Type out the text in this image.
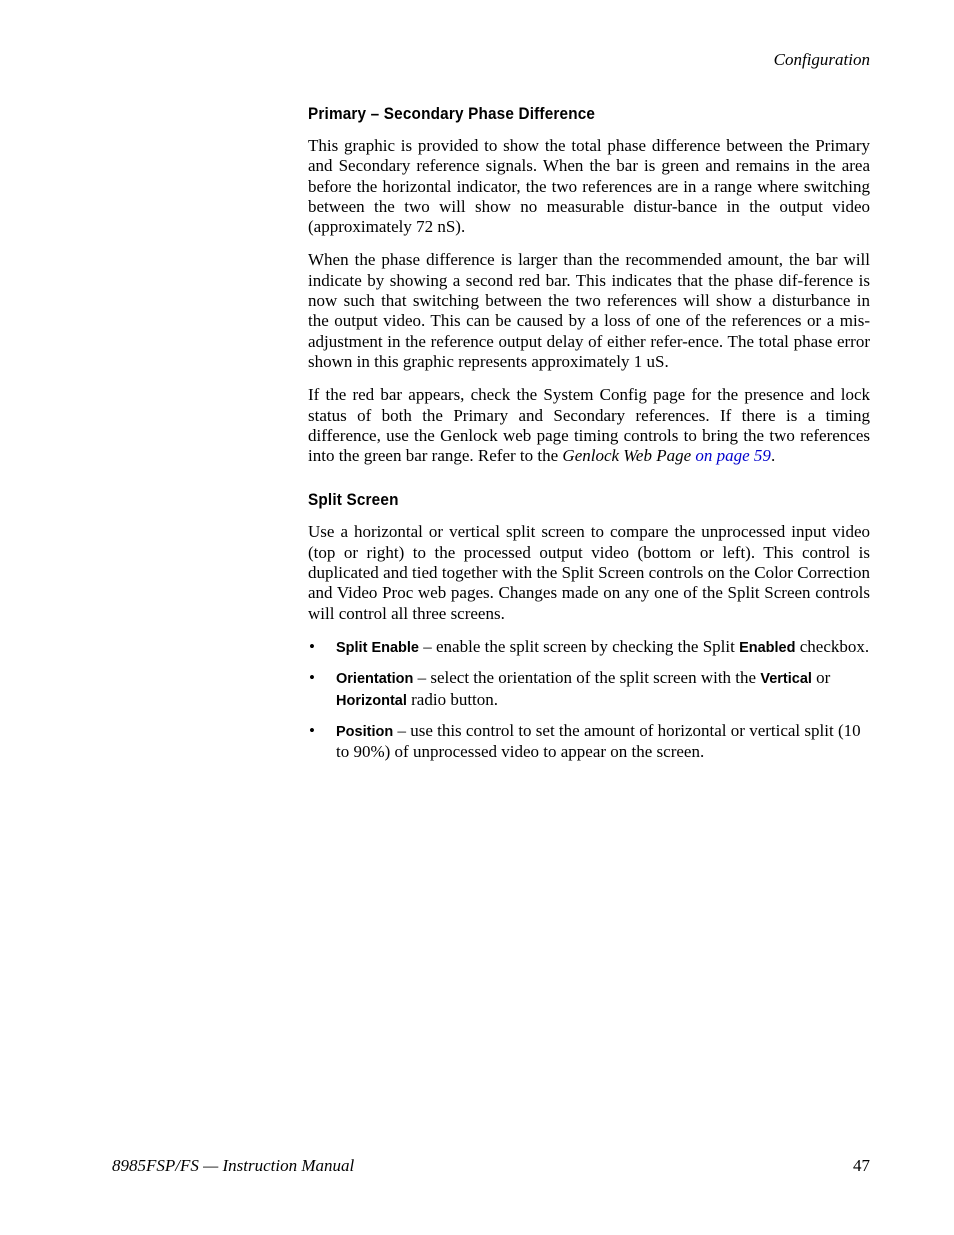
Configuration
Primary – Secondary Phase Difference

This graphic is provided to show the total phase difference between the Primary and Secondary reference signals. When the bar is green and remains in the area before the horizontal indicator, the two references are in a range where switching between the two will show no measurable distur-bance in the output video (approximately 72 nS).

When the phase difference is larger than the recommended amount, the bar will indicate by showing a second red bar. This indicates that the phase dif-ference is now such that switching between the two references will show a disturbance in the output video. This can be caused by a loss of one of the references or a mis-adjustment in the reference output delay of either refer-ence. The total phase error shown in this graphic represents approximately 1 uS.

If the red bar appears, check the System Config page for the presence and lock status of both the Primary and Secondary references. If there is a timing difference, use the Genlock web page timing controls to bring the two references into the green bar range. Refer to the Genlock Web Page on page 59.

Split Screen

Use a horizontal or vertical split screen to compare the unprocessed input video (top or right) to the processed output video (bottom or left). This control is duplicated and tied together with the Split Screen controls on the Color Correction and Video Proc web pages. Changes made on any one of the Split Screen controls will control all three screens.

• Split Enable – enable the split screen by checking the Split Enabled checkbox.
• Orientation – select the orientation of the split screen with the Vertical or Horizontal radio button.
• Position – use this control to set the amount of horizontal or vertical split (10 to 90%) of unprocessed video to appear on the screen.
8985FSP/FS — Instruction Manual	47
